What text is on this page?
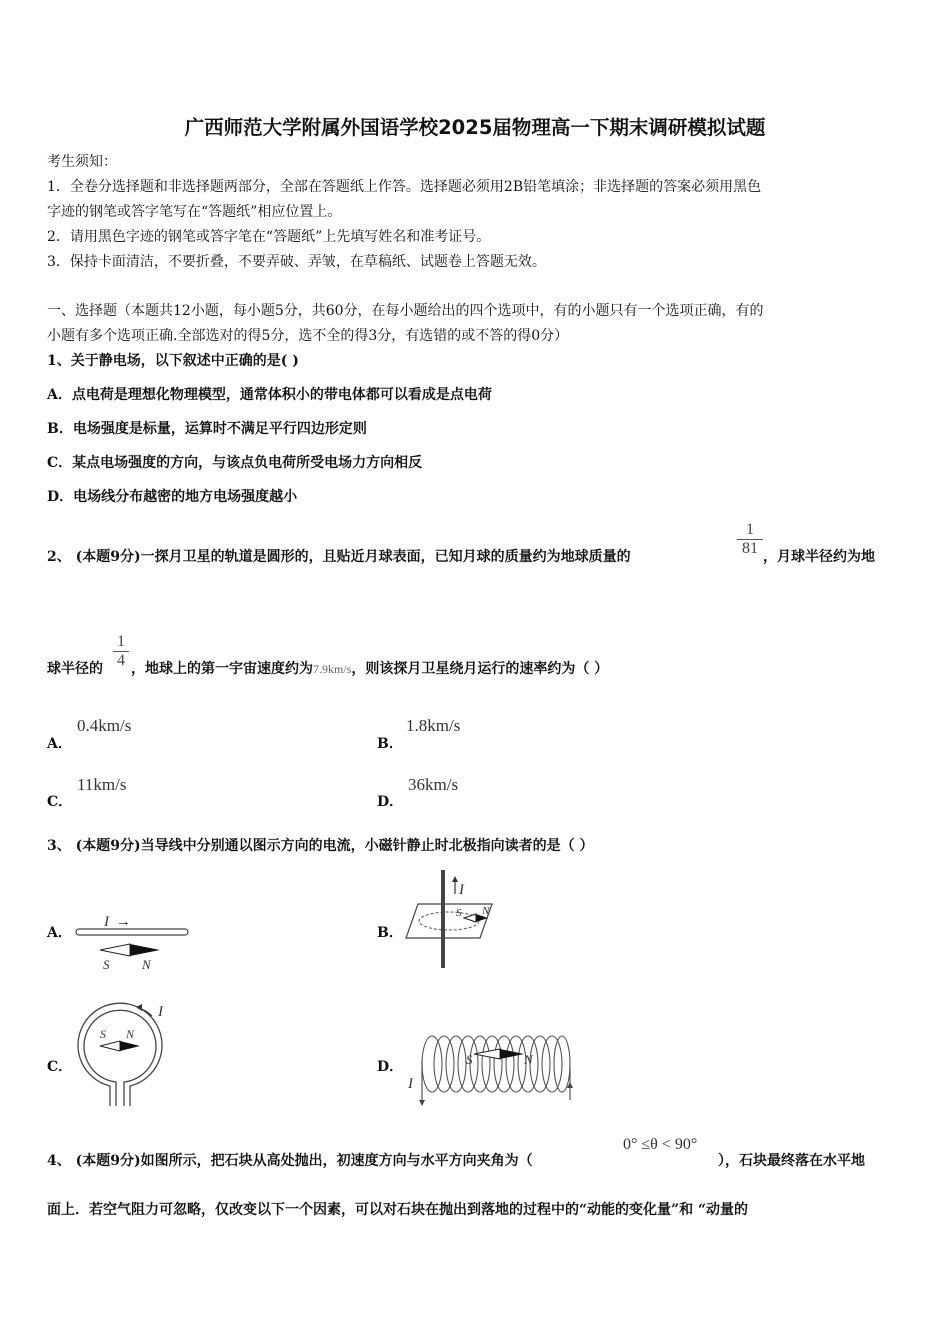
广西师范大学附属外国语学校2025届物理高一下期末调研模拟试题
考生须知：
1．全卷分选择题和非选择题两部分，全部在答题纸上作答。选择题必须用2B铅笔填涂；非选择题的答案必须用黑色
字迹的钢笔或答字笔写在“答题纸”相应位置上。
2．请用黑色字迹的钢笔或答字笔在“答题纸”上先填写姓名和准考证号。
3．保持卡面清洁，不要折叠，不要弄破、弄皱，在草稿纸、试题卷上答题无效。
一、选择题（本题共12小题，每小题5分，共60分，在每小题给出的四个选项中，有的小题只有一个选项正确，有的
小题有多个选项正确.全部选对的得5分，选不全的得3分，有选错的或不答的得0分）
1、关于静电场，以下叙述中正确的是( )
A．点电荷是理想化物理模型，通常体积小的带电体都可以看成是点电荷
B．电场强度是标量，运算时不满足平行四边形定则
C．某点电场强度的方向，与该点负电荷所受电场力方向相反
D．电场线分布越密的地方电场强度越小
2、 (本题9分)一探月卫星的轨道是圆形的，且贴近月球表面，已知月球的质量约为地球质量的	$\frac{1}{81}$ ，月球半径约为地
球半径的 $\frac{1}{4}$ ，地球上的第一宇宙速度约为7.9km/s，则该探月卫星绕月运行的速率约为（ ）
A．
0.4km/s
B．
1.8km/s
C．
11km/s
D．
36km/s
3、 (本题9分)当导线中分别通以图示方向的电流，小磁针静止时北极指向读者的是（ ）
A．
I →
S	N
B．
I
S N
C．
I
S N
D．
I
S	N
4、 (本题9分)如图所示，把石块从高处抛出，初速度方向与水平方向夹角为（
0° ≤θ < 90°
），石块最终落在水平地
面上．若空气阻力可忽略，仅改变以下一个因素，可以对石块在抛出到落地的过程中的“动能的变化量”和 “动量的
